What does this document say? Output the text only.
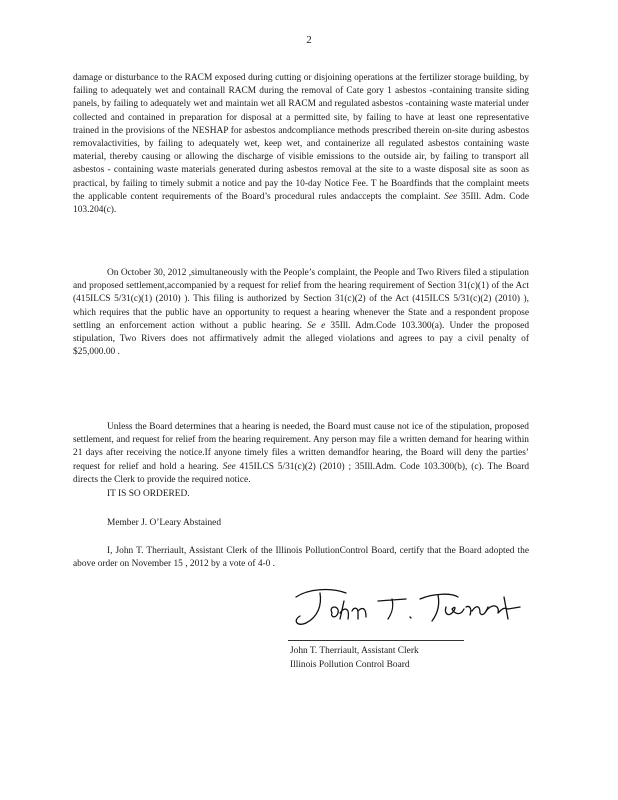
2

damage or disturbance to the RACM exposed during cutting or disjoining operations at the fertilizer storage building, by failing to adequately wet and containall RACM during the removal of Cate gory 1 asbestos -containing transite siding panels, by failing to adequately wet and maintain wet all RACM and regulated asbestos -containing waste material under collected and contained in preparation for disposal at a permitted site, by failing to have at least one representative trained in the provisions of the NESHAP for asbestos andcompliance methods prescribed therein on-site during asbestos removalactivities, by failing to adequately wet, keep wet, and containerize all regulated asbestos containing waste material, thereby causing or allowing the discharge of visible emissions to the outside air, by failing to transport all asbestos - containing waste materials generated during asbestos removal at the site to a waste disposal site as soon as practical, by failing to timely submit a notice and pay the 10-day Notice Fee. T he Boardfinds that the complaint meets the applicable content requirements of the Board’s procedural rules andaccepts the complaint. See 35Ill. Adm. Code 103.204(c).

On October 30, 2012 ,simultaneously with the People’s complaint, the People and Two Rivers filed a stipulation and proposed settlement,accompanied by a request for relief from the hearing requirement of Section 31(c)(1) of the Act (415ILCS 5/31(c)(1) (2010) ). This filing is authorized by Section 31(c)(2) of the Act (415ILCS 5/31(c)(2) (2010) ), which requires that the public have an opportunity to request a hearing whenever the State and a respondent propose settling an enforcement action without a public hearing. Se e 35Ill. Adm.Code 103.300(a). Under the proposed stipulation, Two Rivers does not affirmatively admit the alleged violations and agrees to pay a civil penalty of $25,000.00 .

Unless the Board determines that a hearing is needed, the Board must cause not ice of the stipulation, proposed settlement, and request for relief from the hearing requirement. Any person may file a written demand for hearing within 21 days after receiving the notice.If anyone timely files a written demandfor hearing, the Board will deny the parties’ request for relief and hold a hearing. See 415ILCS 5/31(c)(2) (2010) ; 35Ill.Adm. Code 103.300(b), (c). The Board directs the Clerk to provide the required notice.

IT IS SO ORDERED.
Member J. O’Leary Abstained

I, John T. Therriault, Assistant Clerk of the Illinois PollutionControl Board, certify that the Board adopted the above order on November 15 , 2012 by a vote of 4-0 .

John T. Therriault, Assistant Clerk
Illinois Pollution Control Board
